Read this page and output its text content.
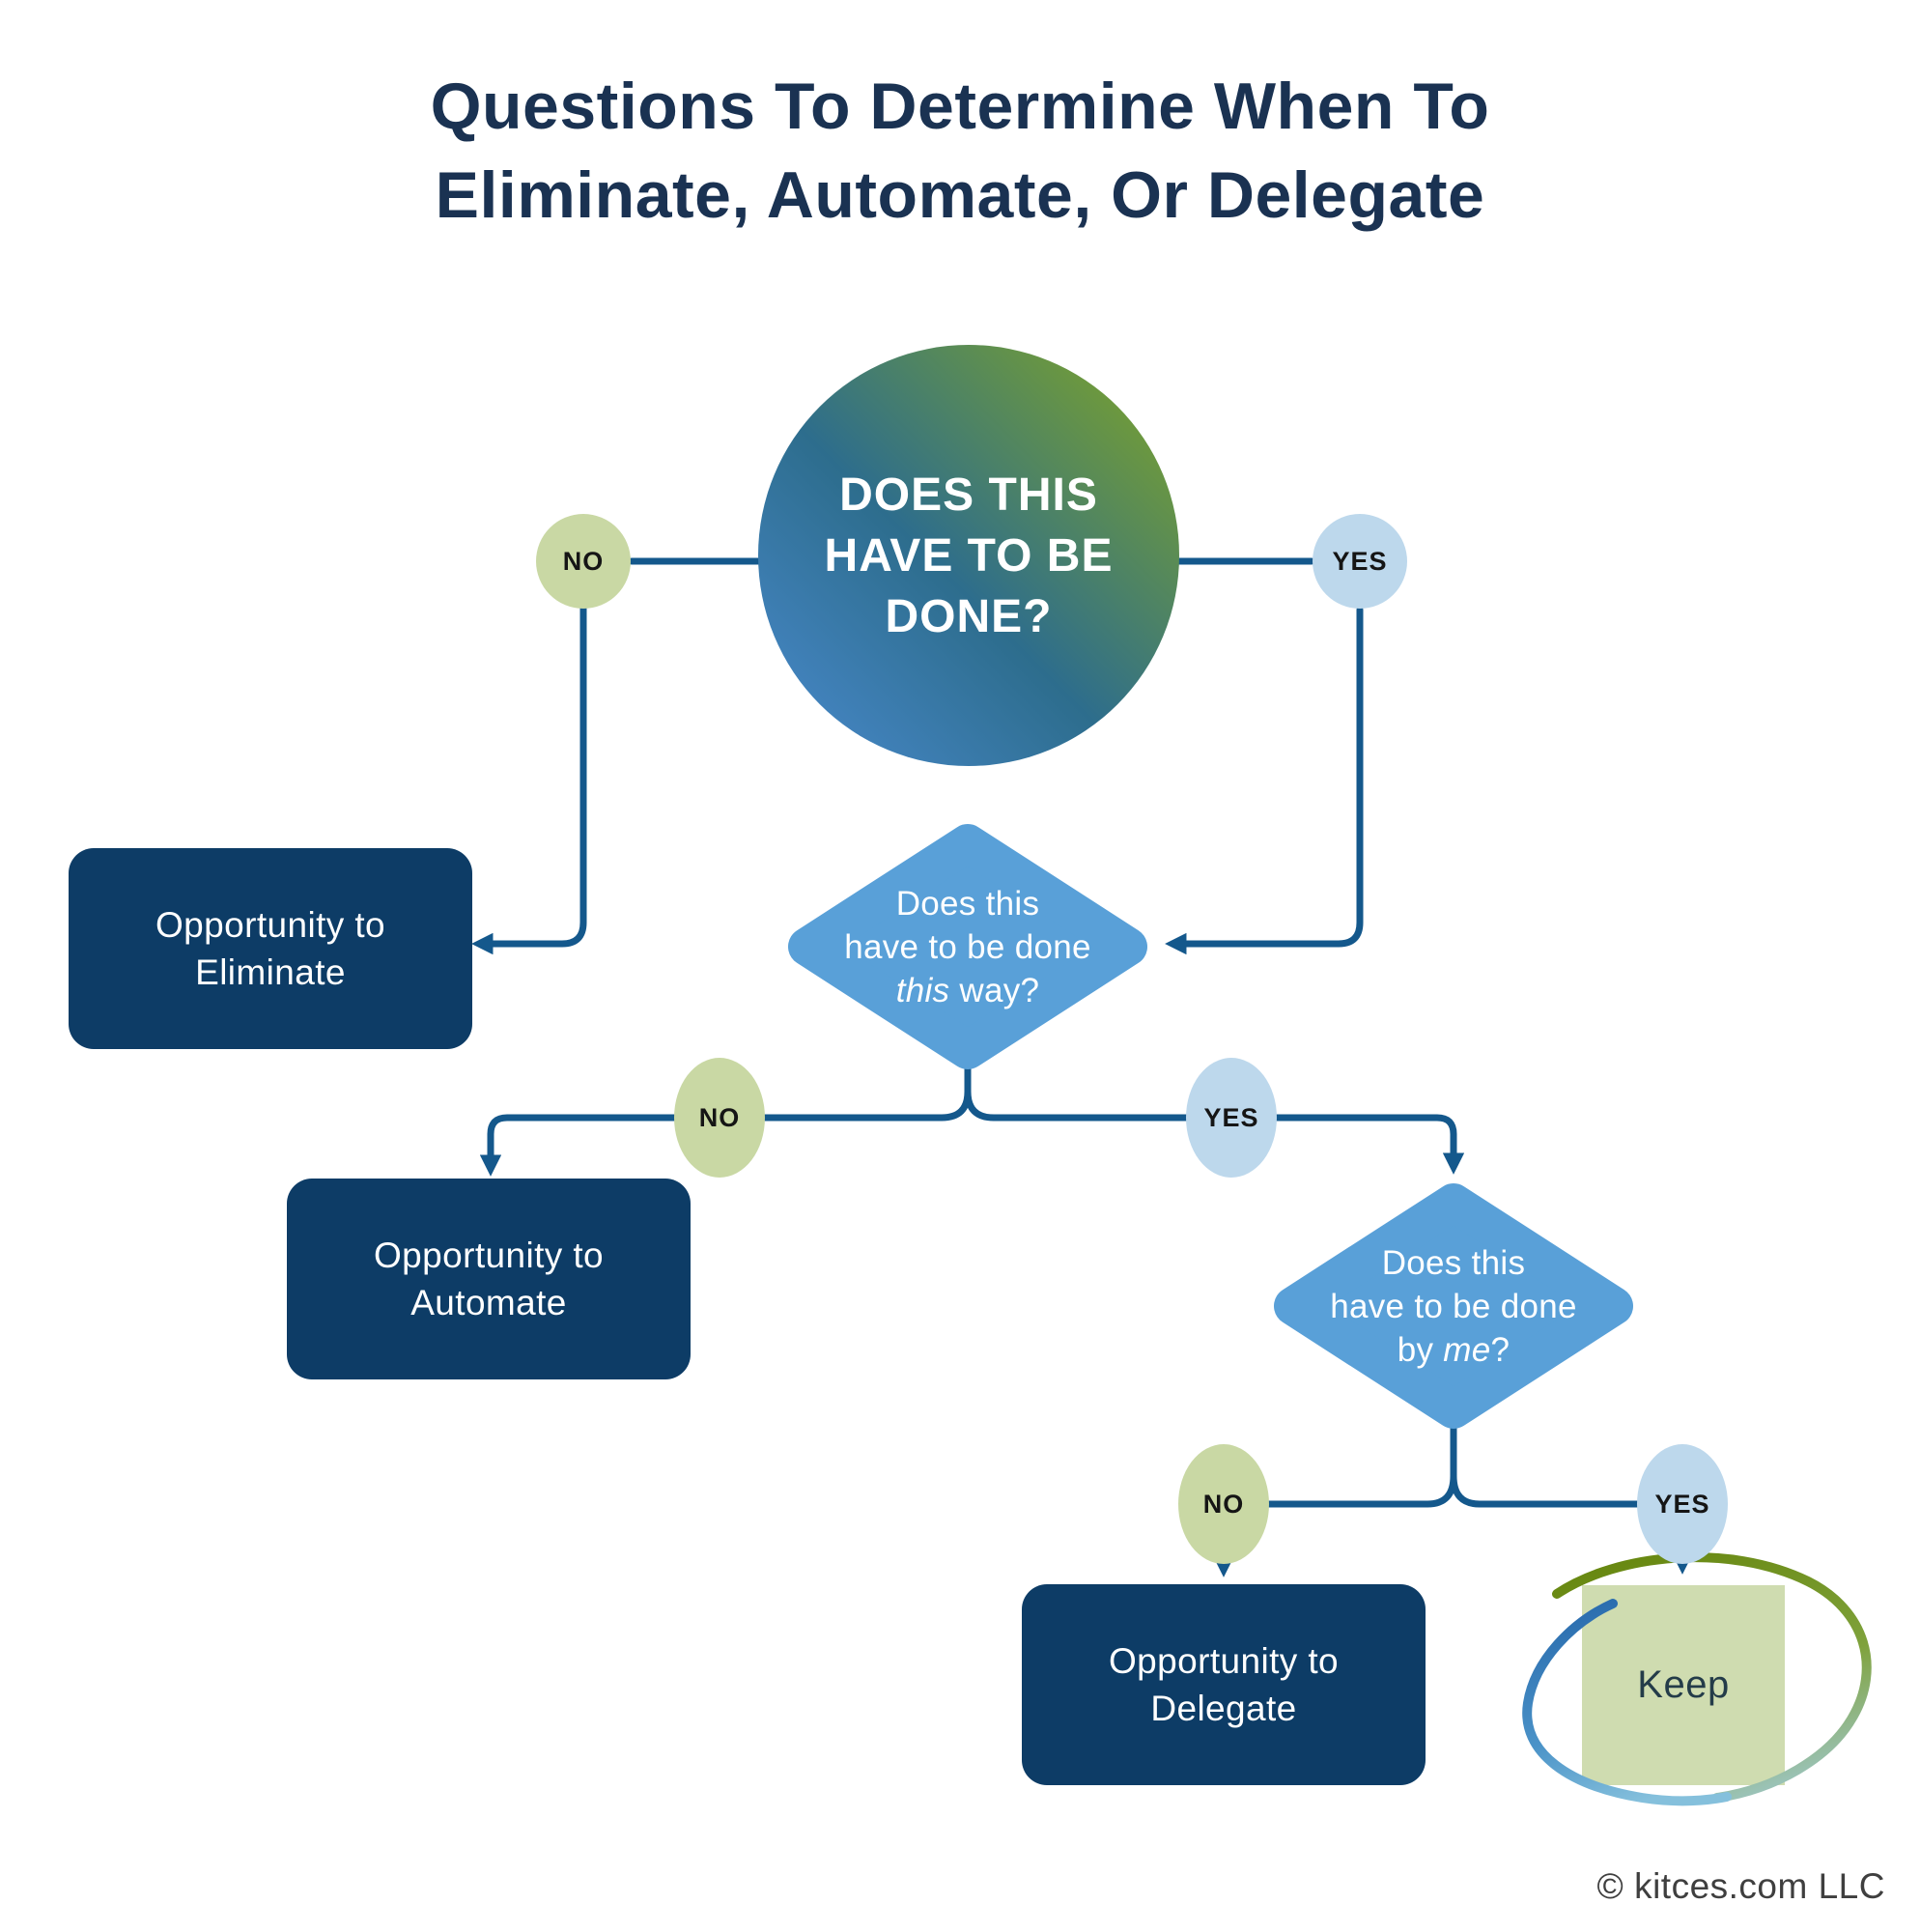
Questions To Determine When To
Eliminate, Automate, Or Delegate
DOES THIS
HAVE TO BE
DONE?
NO	YES
NO	YES
NO	YES
Does this
have to be done
this way?
Does this
have to be done
by me?
Opportunity to
Eliminate
Opportunity to
Automate
Opportunity to
Delegate
Keep
© kitces.com LLC
